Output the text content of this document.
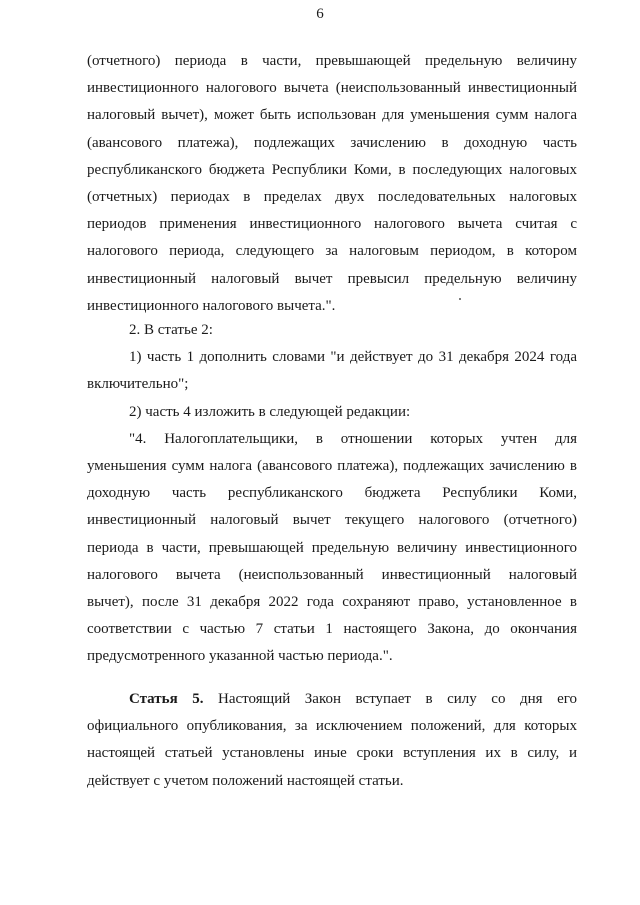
6

(отчетного) периода в части, превышающей предельную величину

инвестиционного налогового вычета (неиспользованный инвестиционный

налоговый вычет), может быть использован для уменьшения сумм налога

(авансового платежа), подлежащих зачислению в доходную часть

республиканского бюджета Республики Коми, в последующих налоговых

(отчетных) периодах в пределах двух последовательных налоговых

периодов применения инвестиционного налогового вычета считая с

налогового периода, следующего за налоговым периодом, в котором

инвестиционный налоговый вычет превысил предельную величину

инвестиционного налогового вычета.".

2. В статье 2:

1) часть 1 дополнить словами "и действует до 31 декабря 2024 года

включительно";

2) часть 4 изложить в следующей редакции:

"4. Налогоплательщики, в отношении которых учтен для

уменьшения сумм налога (авансового платежа), подлежащих зачислению в

доходную часть республиканского бюджета Республики Коми,

инвестиционный налоговый вычет текущего налогового (отчетного)

периода в части, превышающей предельную величину инвестиционного

налогового вычета (неиспользованный инвестиционный налоговый

вычет), после 31 декабря 2022 года сохраняют право, установленное в

соответствии с частью 7 статьи 1 настоящего Закона, до окончания

предусмотренного указанной частью периода.".

Статья 5. Настоящий Закон вступает в силу со дня его

официального опубликования, за исключением положений, для которых

настоящей статьей установлены иные сроки вступления их в силу, и

действует с учетом положений настоящей статьи.
